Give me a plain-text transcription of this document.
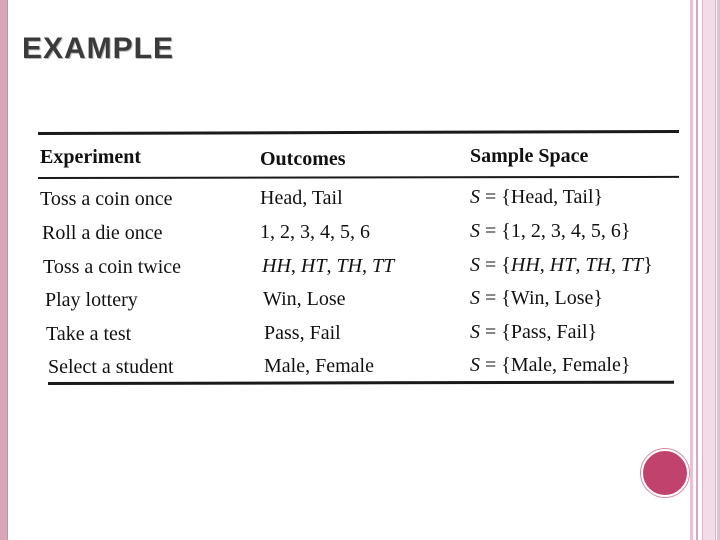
EXAMPLE
Experiment	Outcomes	Sample Space
Toss a coin once	Head, Tail	S = {Head, Tail}
Roll a die once	1, 2, 3, 4, 5, 6	S = {1, 2, 3, 4, 5, 6}
Toss a coin twice	HH, HT, TH, TT	S = {HH, HT, TH, TT}
Play lottery	Win, Lose	S = {Win, Lose}
Take a test	Pass, Fail	S = {Pass, Fail}
Select a student	Male, Female	S = {Male, Female}
